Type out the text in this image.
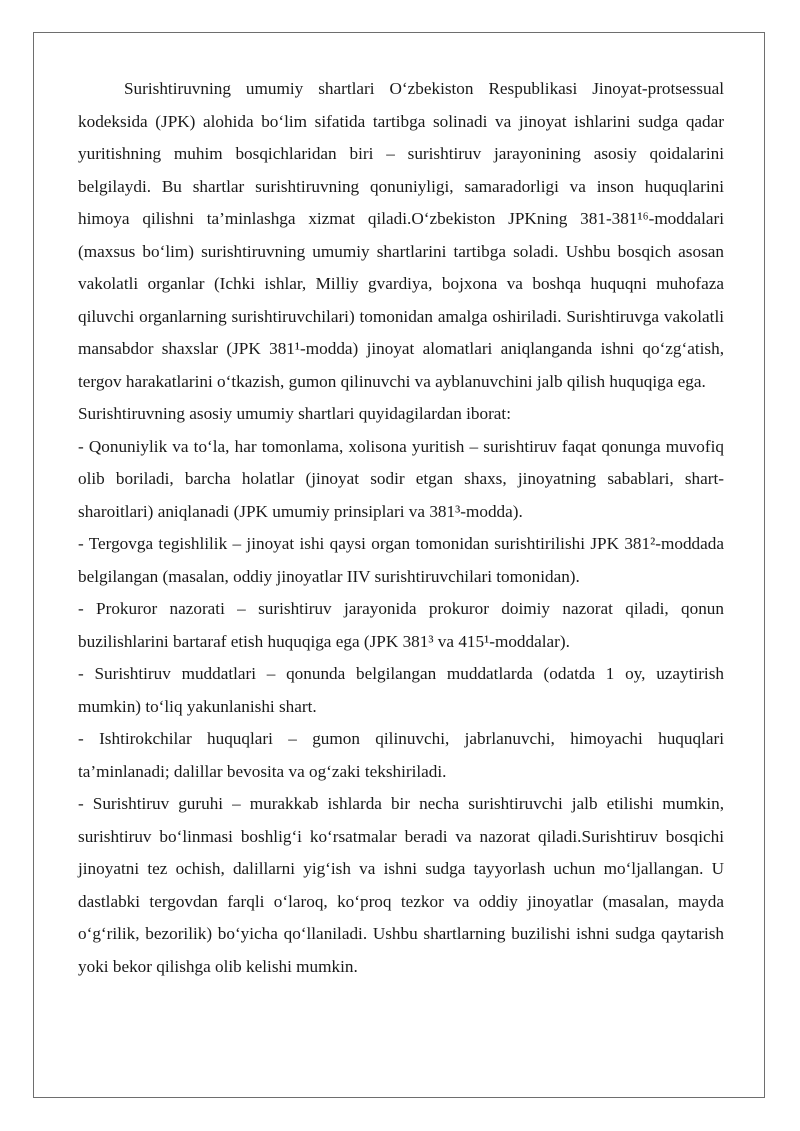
Surishtiruvning umumiy shartlari O‘zbekiston Respublikasi Jinoyat-protsessual kodeksida (JPK) alohida bo‘lim sifatida tartibga solinadi va jinoyat ishlarini sudga qadar yuritishning muhim bosqichlaridan biri – surishtiruv jarayonining asosiy qoidalarini belgilaydi. Bu shartlar surishtiruvning qonuniyligi, samaradorligi va inson huquqlarini himoya qilishni ta’minlashga xizmat qiladi.O‘zbekiston JPKning 381-381¹⁶-moddalari (maxsus bo‘lim) surishtiruvning umumiy shartlarini tartibga soladi. Ushbu bosqich asosan vakolatli organlar (Ichki ishlar, Milliy gvardiya, bojxona va boshqa huquqni muhofaza qiluvchi organlarning surishtiruvchilari) tomonidan amalga oshiriladi. Surishtiruvga vakolatli mansabdor shaxslar (JPK 381¹-modda) jinoyat alomatlari aniqlanganda ishni qo‘zg‘atish, tergov harakatlarini o‘tkazish, gumon qilinuvchi va ayblanuvchini jalb qilish huquqiga ega.

Surishtiruvning asosiy umumiy shartlari quyidagilardan iborat:

- Qonuniylik va to‘la, har tomonlama, xolisona yuritish – surishtiruv faqat qonunga muvofiq olib boriladi, barcha holatlar (jinoyat sodir etgan shaxs, jinoyatning sabablari, shart-sharoitlari) aniqlanadi (JPK umumiy prinsiplari va 381³-modda).

- Tergovga tegishlilik – jinoyat ishi qaysi organ tomonidan surishtirilishi JPK 381²-moddada belgilangan (masalan, oddiy jinoyatlar IIV surishtiruvchilari tomonidan).

- Prokuror nazorati – surishtiruv jarayonida prokuror doimiy nazorat qiladi, qonun buzilishlarini bartaraf etish huquqiga ega (JPK 381³ va 415¹-moddalar).

- Surishtiruv muddatlari – qonunda belgilangan muddatlarda (odatda 1 oy, uzaytirish mumkin) to‘liq yakunlanishi shart.

- Ishtirokchilar huquqlari – gumon qilinuvchi, jabrlanuvchi, himoyachi huquqlari ta’minlanadi; dalillar bevosita va og‘zaki tekshiriladi.

- Surishtiruv guruhi – murakkab ishlarda bir necha surishtiruvchi jalb etilishi mumkin, surishtiruv bo‘linmasi boshlig‘i ko‘rsatmalar beradi va nazorat qiladi.Surishtiruv bosqichi jinoyatni tez ochish, dalillarni yig‘ish va ishni sudga tayyorlash uchun mo‘ljallangan. U dastlabki tergovdan farqli o‘laroq, ko‘proq tezkor va oddiy jinoyatlar (masalan, mayda o‘g‘rilik, bezorilik) bo‘yicha qo‘llaniladi. Ushbu shartlarning buzilishi ishni sudga qaytarish yoki bekor qilishga olib kelishi mumkin.
